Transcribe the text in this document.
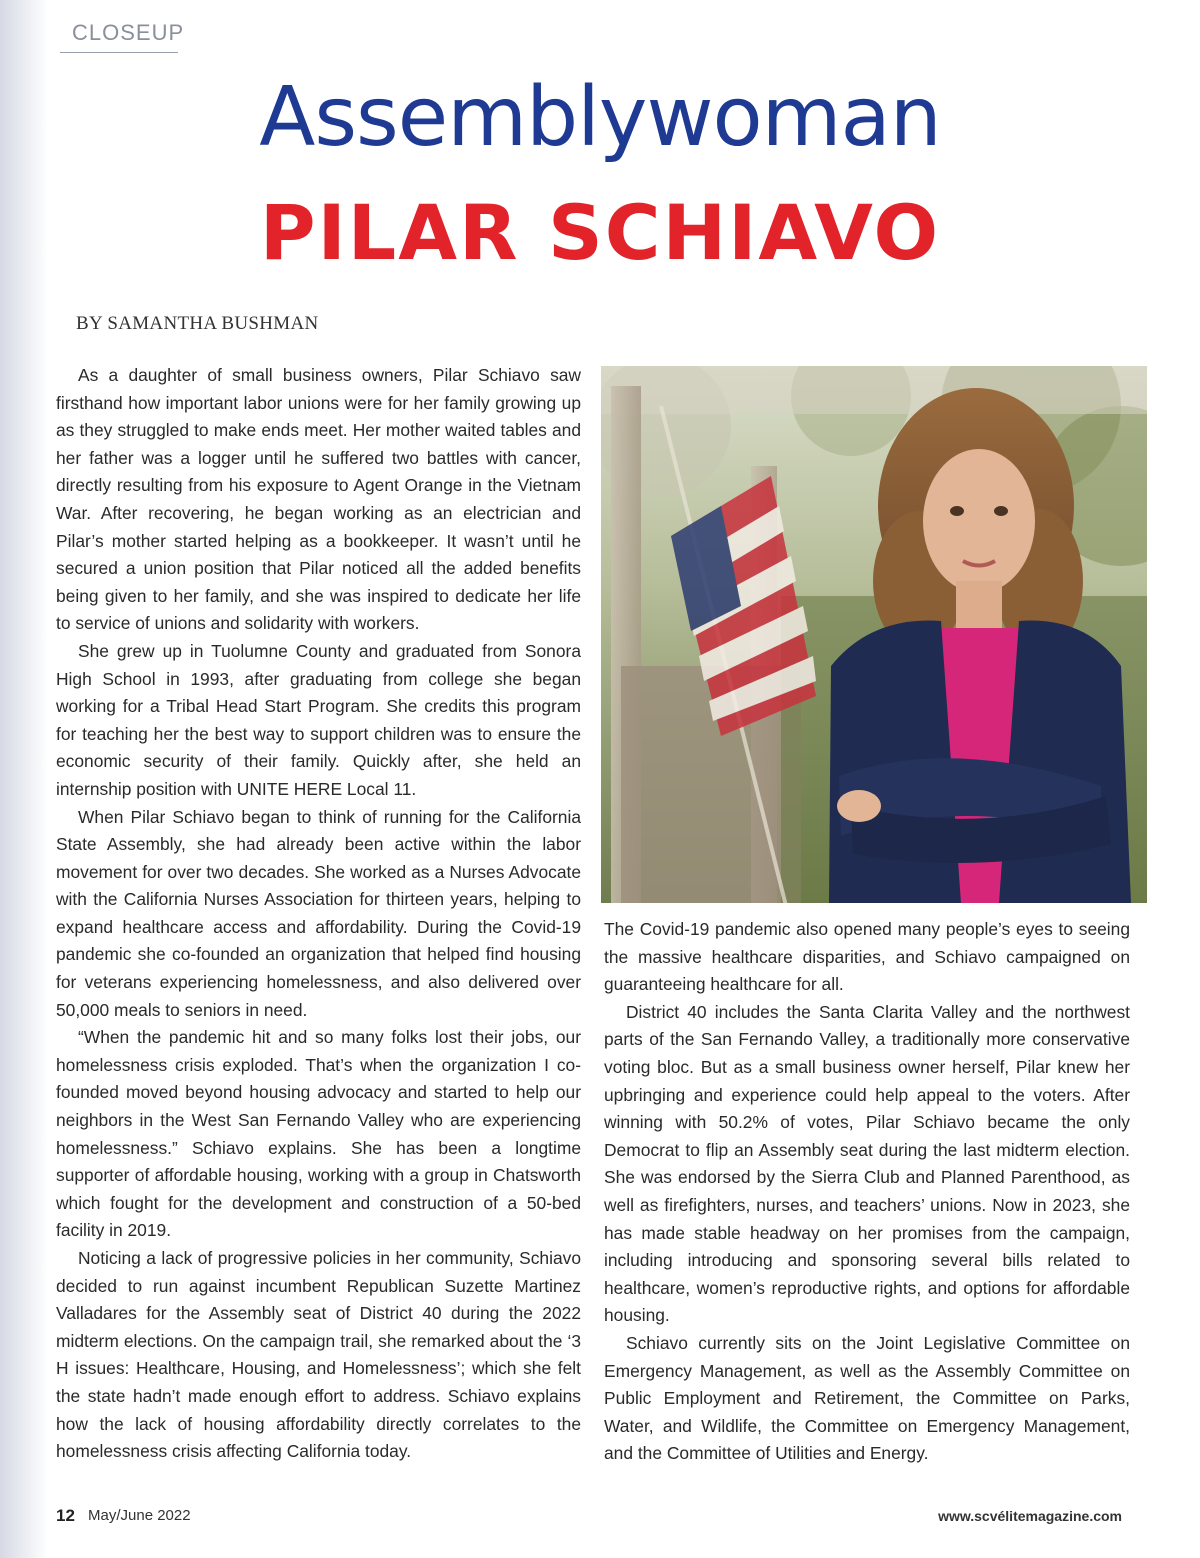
CLOSEUP
Assemblywoman
PILAR SCHIAVO
BY SAMANTHA BUSHMAN

As a daughter of small business owners, Pilar Schiavo saw firsthand how important labor unions were for her family growing up as they struggled to make ends meet. Her mother waited tables and her father was a logger until he suffered two battles with cancer, directly resulting from his exposure to Agent Orange in the Vietnam War. After recovering, he began working as an electrician and Pilar’s mother started helping as a bookkeeper. It wasn’t until he secured a union position that Pilar noticed all the added benefits being given to her family, and she was inspired to dedicate her life to service of unions and solidarity with workers.

She grew up in Tuolumne County and graduated from Sonora High School in 1993, after graduating from college she began working for a Tribal Head Start Program. She credits this program for teaching her the best way to support children was to ensure the economic security of their family. Quickly after, she held an internship position with UNITE HERE Local 11.

When Pilar Schiavo began to think of running for the California State Assembly, she had already been active within the labor movement for over two decades. She worked as a Nurses Advocate with the California Nurses Association for thirteen years, helping to expand healthcare access and affordability. During the Covid-19 pandemic she co-founded an organization that helped find housing for veterans experiencing homelessness, and also delivered over 50,000 meals to seniors in need.

“When the pandemic hit and so many folks lost their jobs, our homelessness crisis exploded. That’s when the organization I co-founded moved beyond housing advocacy and started to help our neighbors in the West San Fernando Valley who are experiencing homelessness.” Schiavo explains. She has been a longtime supporter of affordable housing, working with a group in Chatsworth which fought for the development and construction of a 50-bed facility in 2019.

Noticing a lack of progressive policies in her community, Schiavo decided to run against incumbent Republican Suzette Martinez Valladares for the Assembly seat of District 40 during the 2022 midterm elections. On the campaign trail, she remarked about the ‘3 H issues: Healthcare, Housing, and Homelessness’; which she felt the state hadn’t made enough effort to address. Schiavo explains how the lack of housing affordability directly correlates to the homelessness crisis affecting California today.

The Covid-19 pandemic also opened many people’s eyes to seeing the massive healthcare disparities, and Schiavo campaigned on guaranteeing healthcare for all.

District 40 includes the Santa Clarita Valley and the northwest parts of the San Fernando Valley, a traditionally more conservative voting bloc. But as a small business owner herself, Pilar knew her upbringing and experience could help appeal to the voters. After winning with 50.2% of votes, Pilar Schiavo became the only Democrat to flip an Assembly seat during the last midterm election. She was endorsed by the Sierra Club and Planned Parenthood, as well as firefighters, nurses, and teachers’ unions. Now in 2023, she has made stable headway on her promises from the campaign, including introducing and sponsoring several bills related to healthcare, women’s reproductive rights, and options for affordable housing.

Schiavo currently sits on the Joint Legislative Committee on Emergency Management, as well as the Assembly Committee on Public Employment and Retirement, the Committee on Parks, Water, and Wildlife, the Committee on Emergency Management, and the Committee of Utilities and Energy.

12 May/June 2022	www.scvélitemagazine.com
